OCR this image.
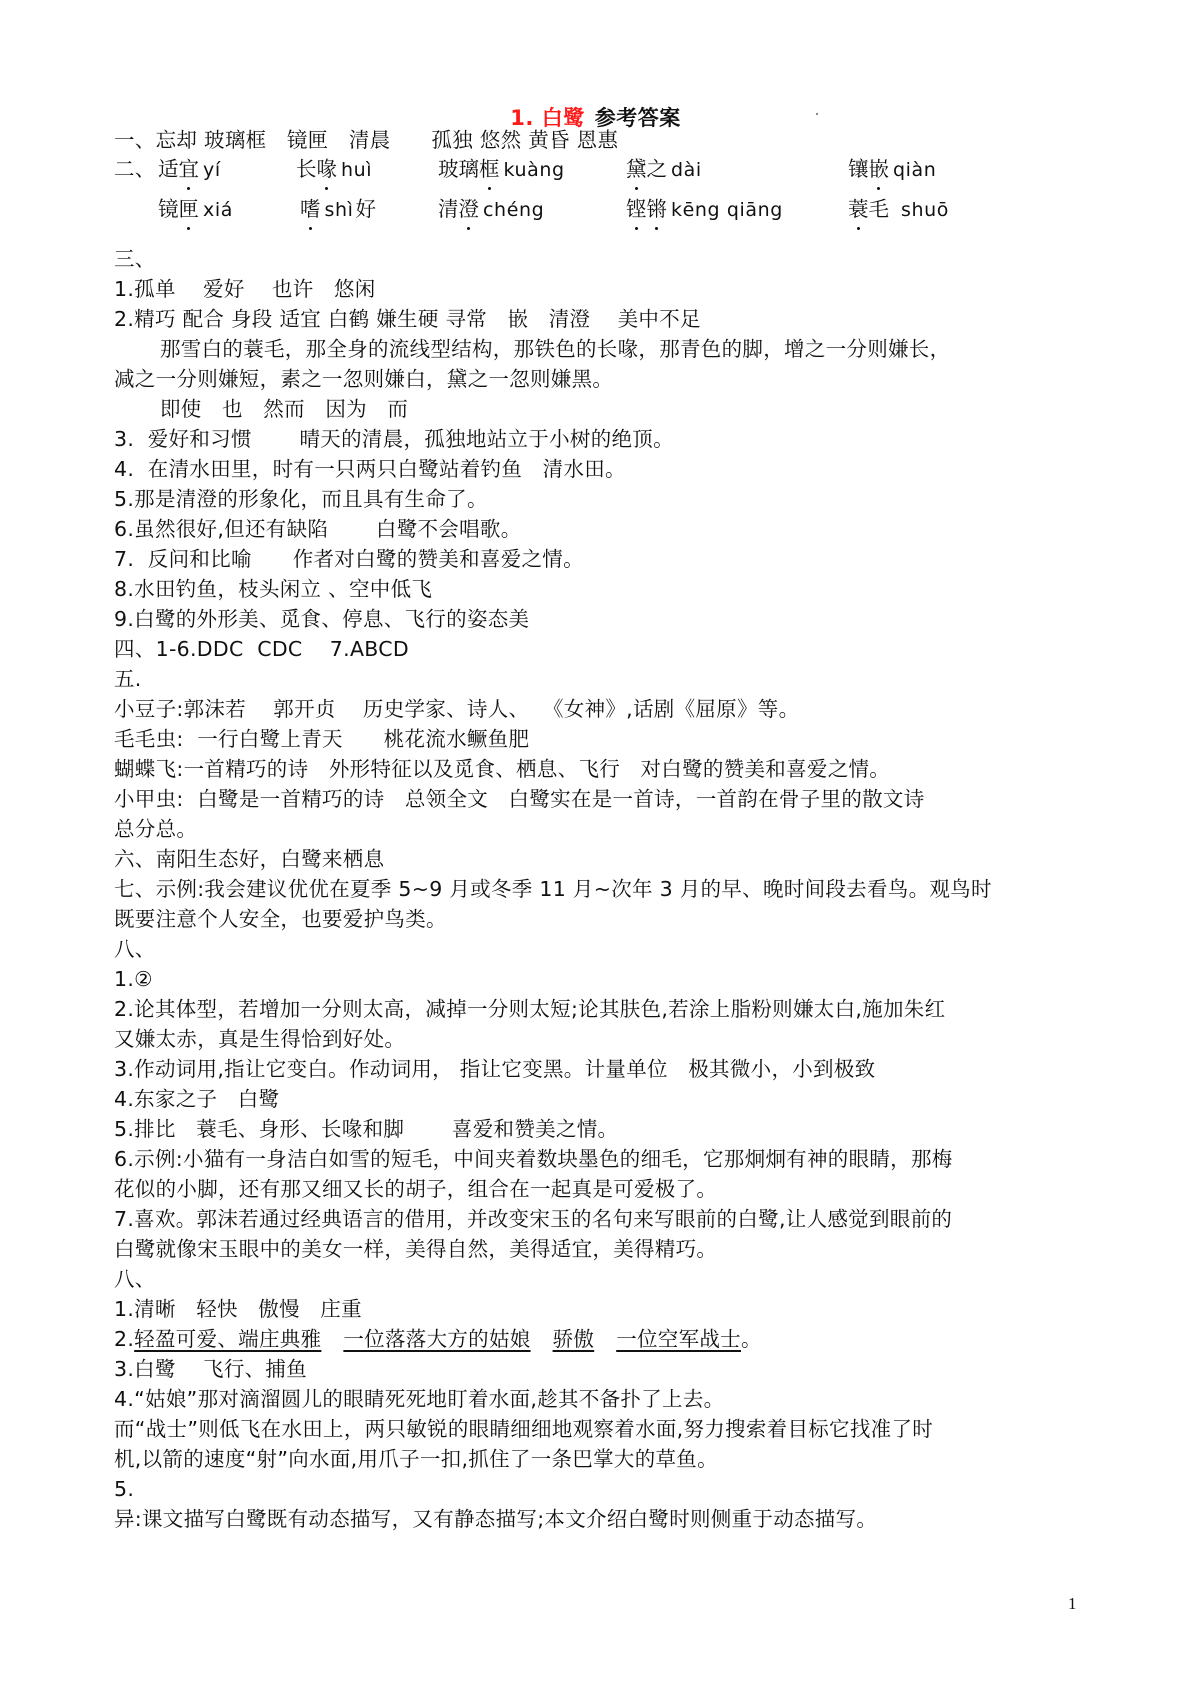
1. 白鹭 参考答案
一、忘却 玻璃框   镜匣   清晨      孤独 悠然 黄昏 恩惠
二、 适宜 yí	长喙 huì	玻璃框 kuàng	黛之 dài	镶嵌 qiàn
镜匣 xiá	嗜 shì好	清澄 chéng	铿锵 kēng qiāng	蓑毛 shuō
三、
1.孤单    爱好    也许   悠闲
2.精巧 配合 身段 适宜 白鹤 嫌生硬 寻常   嵌   清澄    美中不足
那雪白的蓑毛，那全身的流线型结构，那铁色的长喙，那青色的脚，增之一分则嫌长，
减之一分则嫌短，素之一忽则嫌白，黛之一忽则嫌黑。
即使   也   然而   因为   而
3.  爱好和习惯       晴天的清晨，孤独地站立于小树的绝顶。
4.  在清水田里，时有一只两只白鹭站着钓鱼   清水田。
5.那是清澄的形象化，而且具有生命了。
6.虽然很好,但还有缺陷       白鹭不会唱歌。
7.  反问和比喻      作者对白鹭的赞美和喜爱之情。
8.水田钓鱼，枝头闲立 、空中低飞
9.白鹭的外形美、觅食、停息、飞行的姿态美
四、1-6.DDC  CDC    7.ABCD
五.
小豆子:郭沫若    郭开贞    历史学家、诗人、  《女神》,话剧《屈原》等。
毛毛虫:  一行白鹭上青天      桃花流水鳜鱼肥
蝴蝶飞:一首精巧的诗   外形特征以及觅食、栖息、飞行   对白鹭的赞美和喜爱之情。
小甲虫:  白鹭是一首精巧的诗   总领全文   白鹭实在是一首诗，一首韵在骨子里的散文诗
总分总。
六、南阳生态好，白鹭来栖息
七、示例:我会建议优优在夏季 5~9 月或冬季 11 月~次年 3 月的早、晚时间段去看鸟。观鸟时
既要注意个人安全，也要爱护鸟类。
八、
1.②
2.论其体型，若增加一分则太高，减掉一分则太短;论其肤色,若涂上脂粉则嫌太白,施加朱红
又嫌太赤，真是生得恰到好处。
3.作动词用,指让它变白。作动词用， 指让它变黑。计量单位   极其微小，小到极致
4.东家之子   白鹭
5.排比   蓑毛、身形、长喙和脚       喜爱和赞美之情。
6.示例:小猫有一身洁白如雪的短毛，中间夹着数块墨色的细毛，它那炯炯有神的眼睛，那梅
花似的小脚，还有那又细又长的胡子，组合在一起真是可爱极了。
7.喜欢。郭沫若通过经典语言的借用，并改变宋玉的名句来写眼前的白鹭,让人感觉到眼前的
白鹭就像宋玉眼中的美女一样，美得自然，美得适宜，美得精巧。
八、
1.清晰   轻快   傲慢   庄重
2.轻盈可爱、端庄典雅 一位落落大方的姑娘 骄傲 一位空军战士。
3.白鹭    飞行、捕鱼
4.“姑娘”那对滴溜圆儿的眼睛死死地盯着水面,趁其不备扑了上去。
而“战士”则低飞在水田上，两只敏锐的眼睛细细地观察着水面,努力搜索着目标它找准了时
机,以箭的速度“射”向水面,用爪子一扣,抓住了一条巴掌大的草鱼。
5.
异:课文描写白鹭既有动态描写，又有静态描写;本文介绍白鹭时则侧重于动态描写。
1
